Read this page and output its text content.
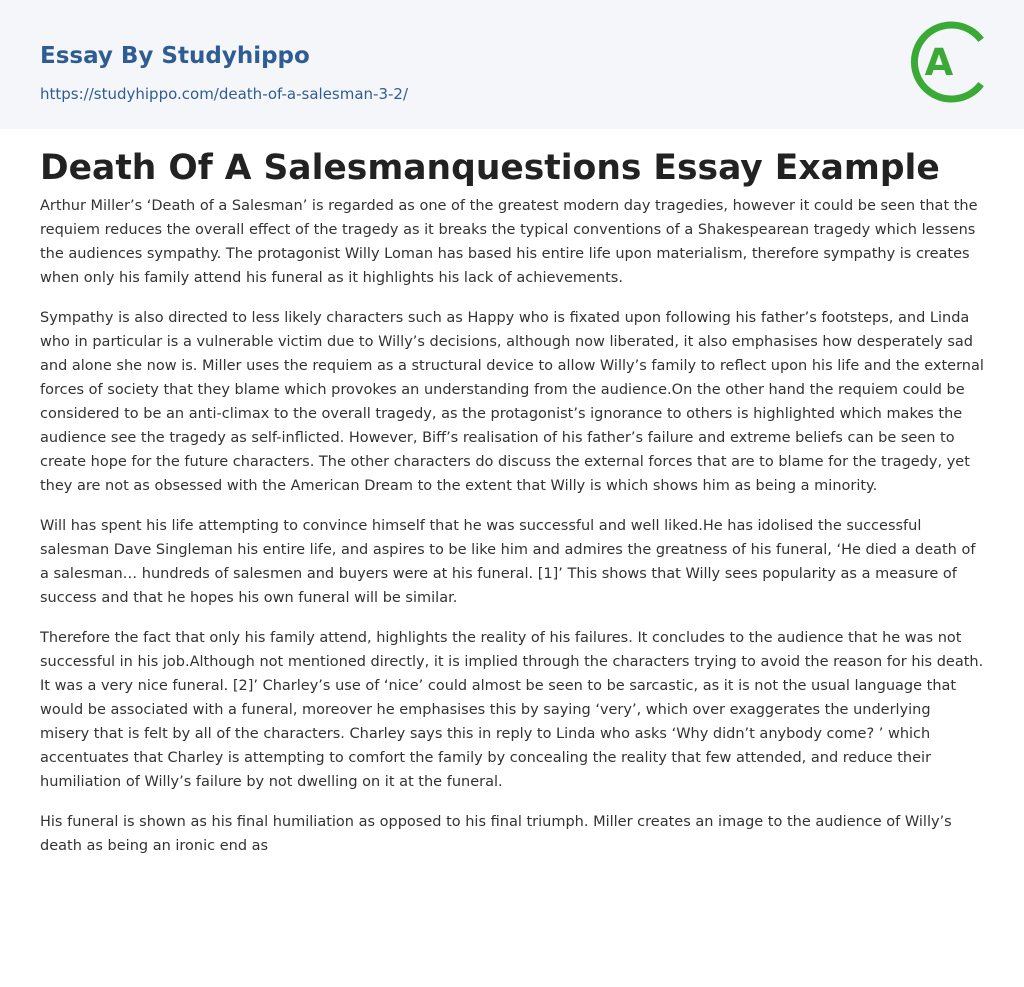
Essay By Studyhippo
https://studyhippo.com/death-of-a-salesman-3-2/
A
Death Of A Salesmanquestions Essay Example

Arthur Miller’s ‘Death of a Salesman’ is regarded as one of the greatest modern day tragedies, however it could be seen that the requiem reduces the overall effect of the tragedy as it breaks the typical conventions of a Shakespearean tragedy which lessens the audiences sympathy. The protagonist Willy Loman has based his entire life upon materialism, therefore sympathy is creates when only his family attend his funeral as it highlights his lack of achievements.

Sympathy is also directed to less likely characters such as Happy who is fixated upon following his father’s footsteps, and Linda who in particular is a vulnerable victim due to Willy’s decisions, although now liberated, it also emphasises how desperately sad and alone she now is. Miller uses the requiem as a structural device to allow Willy’s family to reflect upon his life and the external forces of society that they blame which provokes an understanding from the audience.On the other hand the requiem could be considered to be an anti-climax to the overall tragedy, as the protagonist’s ignorance to others is highlighted which makes the audience see the tragedy as self-inflicted. However, Biff’s realisation of his father’s failure and extreme beliefs can be seen to create hope for the future characters. The other characters do discuss the external forces that are to blame for the tragedy, yet they are not as obsessed with the American Dream to the extent that Willy is which shows him as being a minority.

Will has spent his life attempting to convince himself that he was successful and well liked.He has idolised the successful salesman Dave Singleman his entire life, and aspires to be like him and admires the greatness of his funeral, ‘He died a death of a salesman… hundreds of salesmen and buyers were at his funeral. [1]’ This shows that Willy sees popularity as a measure of success and that he hopes his own funeral will be similar.

Therefore the fact that only his family attend, highlights the reality of his failures. It concludes to the audience that he was not successful in his job.Although not mentioned directly, it is implied through the characters trying to avoid the reason for his death. It was a very nice funeral. [2]’ Charley’s use of ‘nice’ could almost be seen to be sarcastic, as it is not the usual language that would be associated with a funeral, moreover he emphasises this by saying ‘very’, which over exaggerates the underlying misery that is felt by all of the characters. Charley says this in reply to Linda who asks ‘Why didn’t anybody come? ’ which accentuates that Charley is attempting to comfort the family by concealing the reality that few attended, and reduce their humiliation of Willy’s failure by not dwelling on it at the funeral.

His funeral is shown as his final humiliation as opposed to his final triumph. Miller creates an image to the audience of Willy’s death as being an ironic end as
